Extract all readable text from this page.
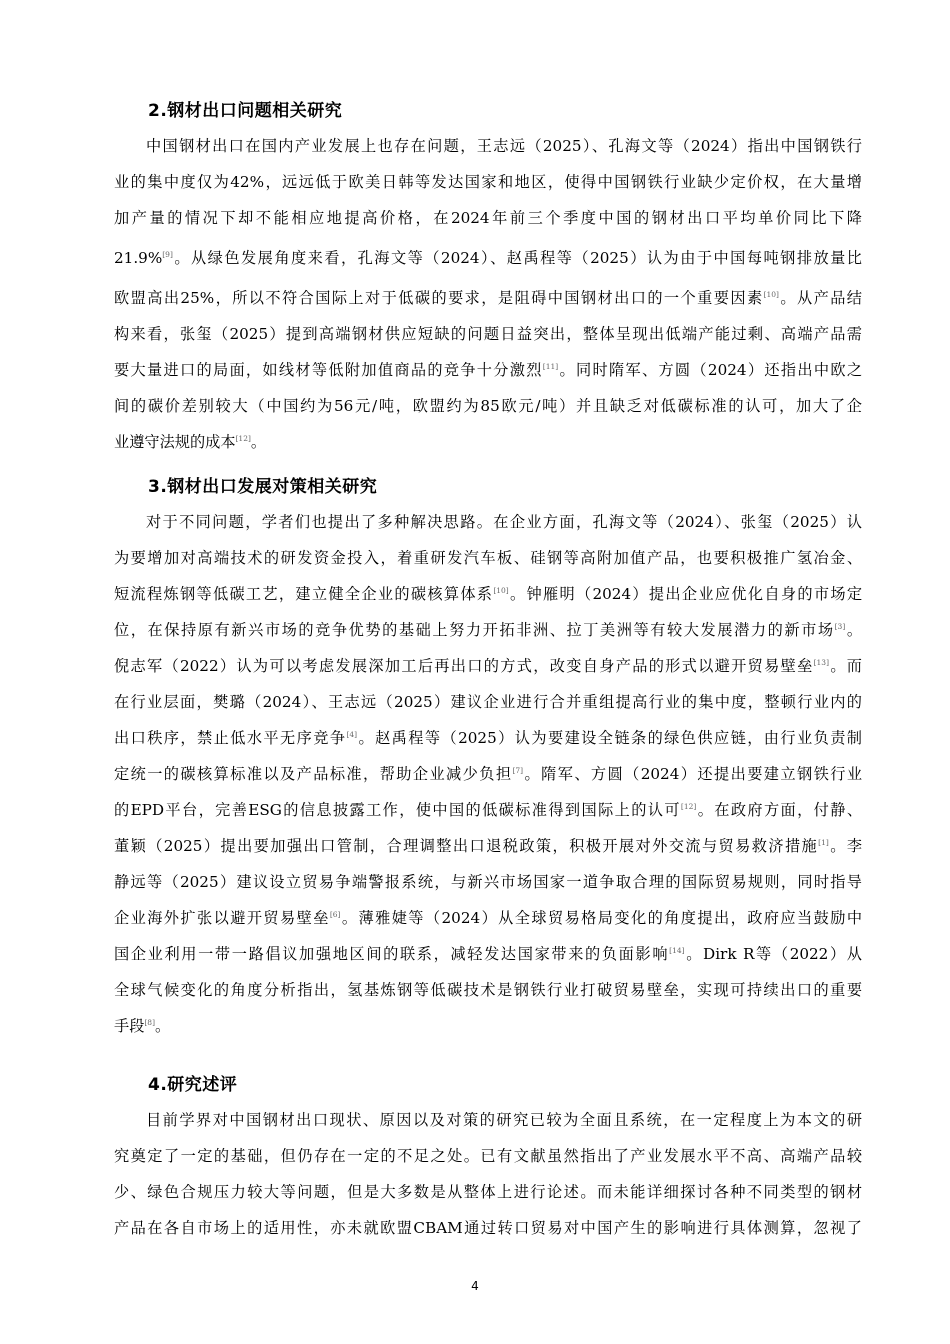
2.钢材出口问题相关研究
中国钢材出口在国内产业发展上也存在问题，王志远（2025）、孔海文等（2024）指出中国钢铁行
业的集中度仅为42%，远远低于欧美日韩等发达国家和地区，使得中国钢铁行业缺少定价权，在大量增
加产量的情况下却不能相应地提高价格，在2024年前三个季度中国的钢材出口平均单价同比下降
21.9%[9]。从绿色发展角度来看，孔海文等（2024）、赵禹程等（2025）认为由于中国每吨钢排放量比
欧盟高出25%，所以不符合国际上对于低碳的要求，是阻碍中国钢材出口的一个重要因素[10]。从产品结
构来看，张玺（2025）提到高端钢材供应短缺的问题日益突出，整体呈现出低端产能过剩、高端产品需
要大量进口的局面，如线材等低附加值商品的竞争十分激烈[11]。同时隋军、方圆（2024）还指出中欧之
间的碳价差别较大（中国约为56元/吨，欧盟约为85欧元/吨）并且缺乏对低碳标准的认可，加大了企
业遵守法规的成本[12]。
3.钢材出口发展对策相关研究
对于不同问题，学者们也提出了多种解决思路。在企业方面，孔海文等（2024）、张玺（2025）认
为要增加对高端技术的研发资金投入，着重研发汽车板、硅钢等高附加值产品，也要积极推广氢冶金、
短流程炼钢等低碳工艺，建立健全企业的碳核算体系[10]。钟雁明（2024）提出企业应优化自身的市场定
位，在保持原有新兴市场的竞争优势的基础上努力开拓非洲、拉丁美洲等有较大发展潜力的新市场[3]。
倪志军（2022）认为可以考虑发展深加工后再出口的方式，改变自身产品的形式以避开贸易壁垒[13]。而
在行业层面，樊璐（2024）、王志远（2025）建议企业进行合并重组提高行业的集中度，整顿行业内的
出口秩序，禁止低水平无序竞争[4]。赵禹程等（2025）认为要建设全链条的绿色供应链，由行业负责制
定统一的碳核算标准以及产品标准，帮助企业减少负担[7]。隋军、方圆（2024）还提出要建立钢铁行业
的EPD平台，完善ESG的信息披露工作，使中国的低碳标准得到国际上的认可[12]。在政府方面，付静、
董颖（2025）提出要加强出口管制，合理调整出口退税政策，积极开展对外交流与贸易救济措施[1]。李
静远等（2025）建议设立贸易争端警报系统，与新兴市场国家一道争取合理的国际贸易规则，同时指导
企业海外扩张以避开贸易壁垒[6]。薄雅婕等（2024）从全球贸易格局变化的角度提出，政府应当鼓励中
国企业利用一带一路倡议加强地区间的联系，减轻发达国家带来的负面影响[14]。Dirk R等（2022）从
全球气候变化的角度分析指出，氢基炼钢等低碳技术是钢铁行业打破贸易壁垒，实现可持续出口的重要
手段[8]。
4.研究述评
目前学界对中国钢材出口现状、原因以及对策的研究已较为全面且系统，在一定程度上为本文的研
究奠定了一定的基础，但仍存在一定的不足之处。已有文献虽然指出了产业发展水平不高、高端产品较
少、绿色合规压力较大等问题，但是大多数是从整体上进行论述。而未能详细探讨各种不同类型的钢材
产品在各自市场上的适用性，亦未就欧盟CBAM通过转口贸易对中国产生的影响进行具体测算，忽视了
4
